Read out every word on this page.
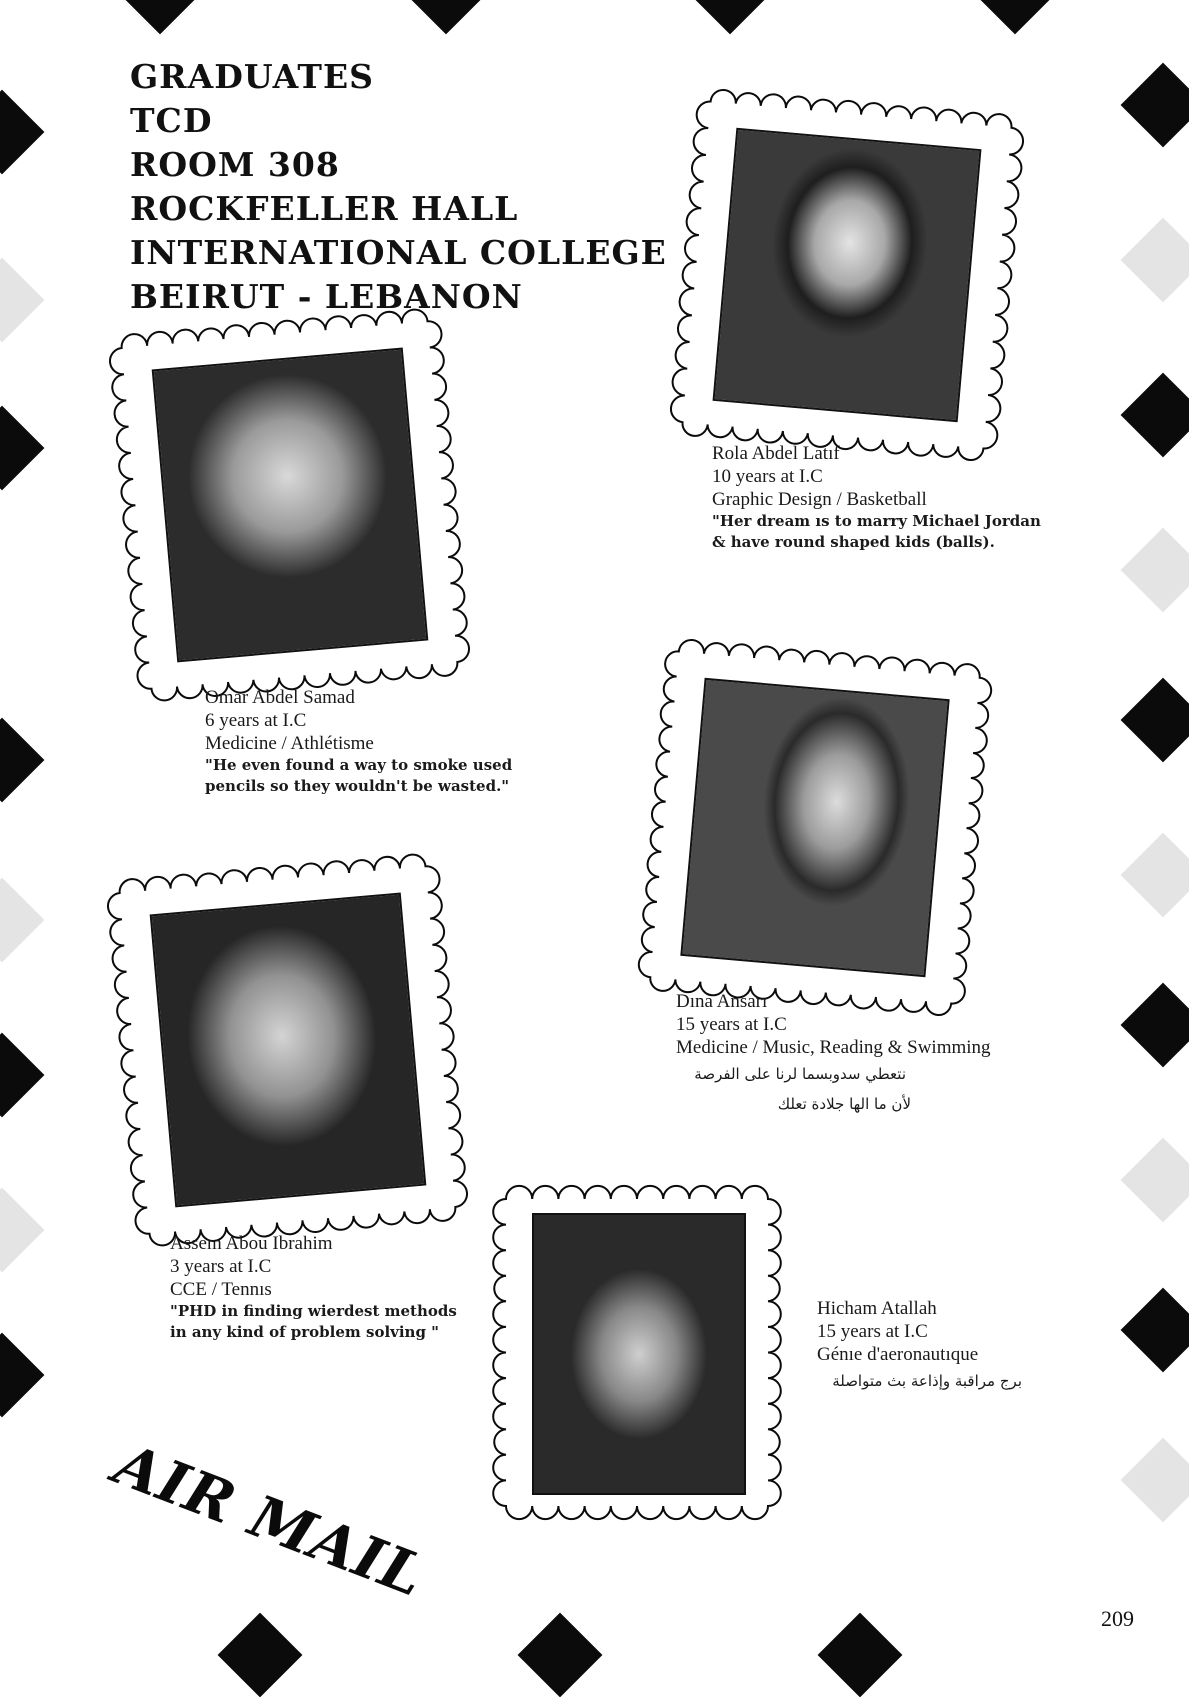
GRADUATES
TCD
ROOM 308
ROCKFELLER HALL
INTERNATIONAL COLLEGE
BEIRUT - LEBANON
Omar Abdel Samad
6 years at I.C
Medicine / Athlétisme
"He even found a way to smoke used
pencils so they wouldn't be wasted."
Rola Abdel Latıf
10 years at I.C
Graphic Design / Basketball
"Her dream ıs to marry Michael Jordan
& have round shaped kids (balls).
Dına Ansarı
15 years at I.C
Medicine / Music, Reading & Swimming
نتعطي سدوبسما لرنا على الفرصة
لأن ما الها جلادة تعلك
Assem Abou Ibrahim
3 years at I.C
CCE / Tennıs
"PHD in finding wierdest methods
in any kind of problem solving "
Hicham Atallah
15 years at I.C
Génıe d'aeronautıque
برج مراقبة وإذاعة بث متواصلة
AIR MAIL
209
